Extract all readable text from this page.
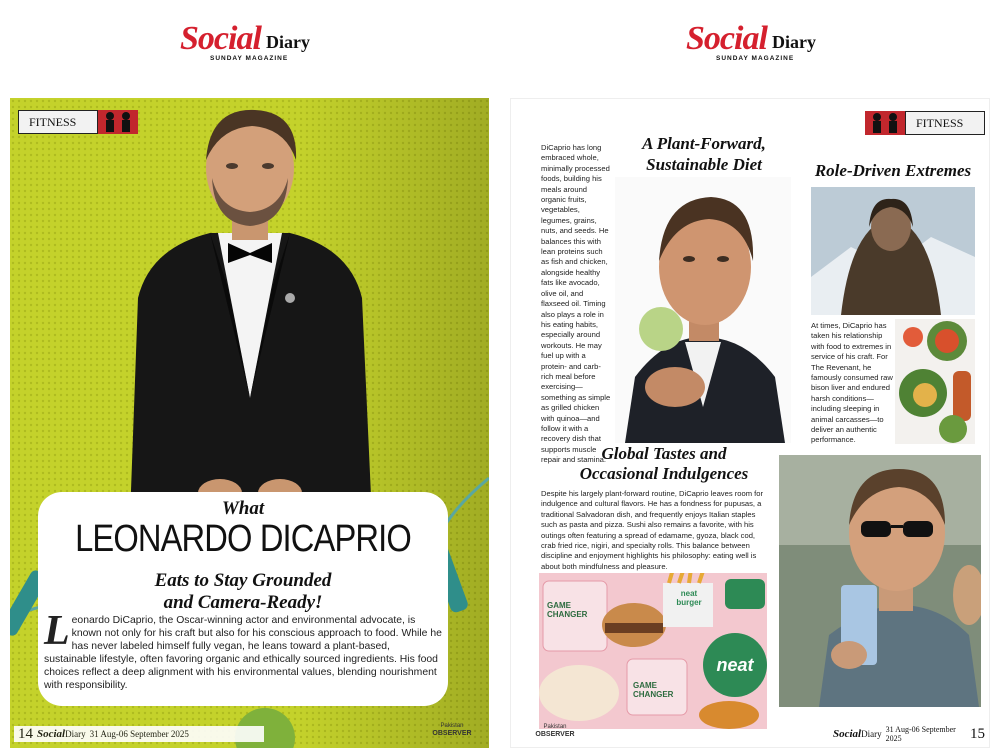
Social Diary
SUNDAY MAGAZINE
Social Diary
SUNDAY MAGAZINE
FITNESS
What
LEONARDO DICAPRIO
Eats to Stay Grounded
and Camera-Ready!
Leonardo DiCaprio, the Oscar-winning actor and environmental advocate, is known not only for his craft but also for his conscious approach to food. While he has never labeled himself fully vegan, he leans toward a plant-based, sustainable lifestyle, often favoring organic and ethically sourced ingredients. His food choices reflect a deep alignment with his environmental values, blending nourishment with responsibility.
14 Social Diary 31 Aug-06 September 2025
Pakistan
OBSERVER
FITNESS
DiCaprio has long embraced whole, minimally processed foods, building his meals around organic fruits, vegetables, legumes, grains, nuts, and seeds. He balances this with lean proteins such as fish and chicken, alongside healthy fats like avocado, olive oil, and flaxseed oil. Timing also plays a role in his eating habits, especially around workouts. He may fuel up with a protein- and carb-rich meal before exercising—something as simple as grilled chicken with quinoa—and follow it with a recovery dish that supports muscle repair and stamina.
A Plant-Forward,
Sustainable Diet	Role-Driven Extremes
At times, DiCaprio has taken his relationship with food to extremes in service of his craft. For The Revenant, he famously consumed raw bison liver and endured harsh conditions—including sleeping in animal carcasses—to deliver an authentic performance.
Global Tastes and
Occasional Indulgences
Despite his largely plant-forward routine, DiCaprio leaves room for indulgence and cultural flavors. He has a fondness for pupusas, a traditional Salvadoran dish, and frequently enjoys Italian staples such as pasta and pizza. Sushi also remains a favorite, with his outings often featuring a spread of edamame, gyoza, black cod, crab fried rice, nigiri, and specialty rolls. This balance between discipline and enjoyment highlights his philosophy: eating well is about both mindfulness and pleasure.
GAME
CHANGER
neat
neat
burger
GAME
CHANGER
Pakistan
OBSERVER	Social Diary 31 Aug-06 September 2025	15
